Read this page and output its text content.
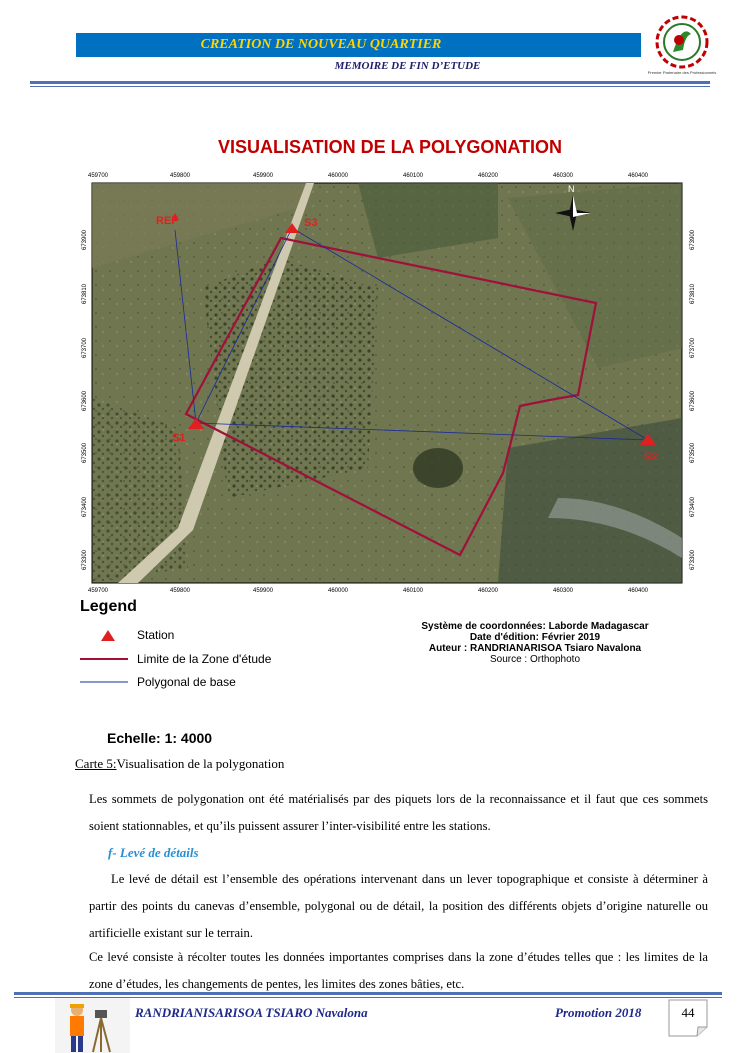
CREATION DE NOUVEAU QUARTIER
MEMOIRE DE FIN D’ETUDE
Premier Partenaire des Professionnels
VISUALISATION DE LA POLYGONATION
REF	S3
S1
S2
N
459700	459800	459900	460000	460100	460200	460300	460400
459700	459800	459900	460000	460100	460200	460300	460400
673900
673810
673700
673600
673500
673400
673300
673900
673810
673700
673600
673500
673400
673300
Legend
Station
Limite de la Zone d'étude
Polygonal de base
Système de coordonnées: Laborde Madagascar
Date d'édition: Février 2019
Auteur : RANDRIANARISOA Tsiaro Navalona
Source : Orthophoto
Echelle: 1: 4000
Carte 5:Visualisation de la polygonation
Les sommets de polygonation ont été matérialisés par des piquets lors de la reconnaissance et il faut que ces sommets soient stationnables, et qu’ils puissent assurer l’inter-visibilité entre les stations.
f- Levé de détails
Le levé de détail est l’ensemble des opérations intervenant dans un lever topographique et consiste à déterminer à partir des points du canevas d’ensemble, polygonal ou de détail, la position des différents objets d’origine naturelle ou artificielle existant sur le terrain.
Ce levé consiste à récolter toutes les données importantes comprises dans la zone d’études telles que : les limites de la zone d’études, les changements de pentes, les limites des zones bâties, etc.
RANDRIANISARISOA TSIARO Navalona	Promotion 2018	44
